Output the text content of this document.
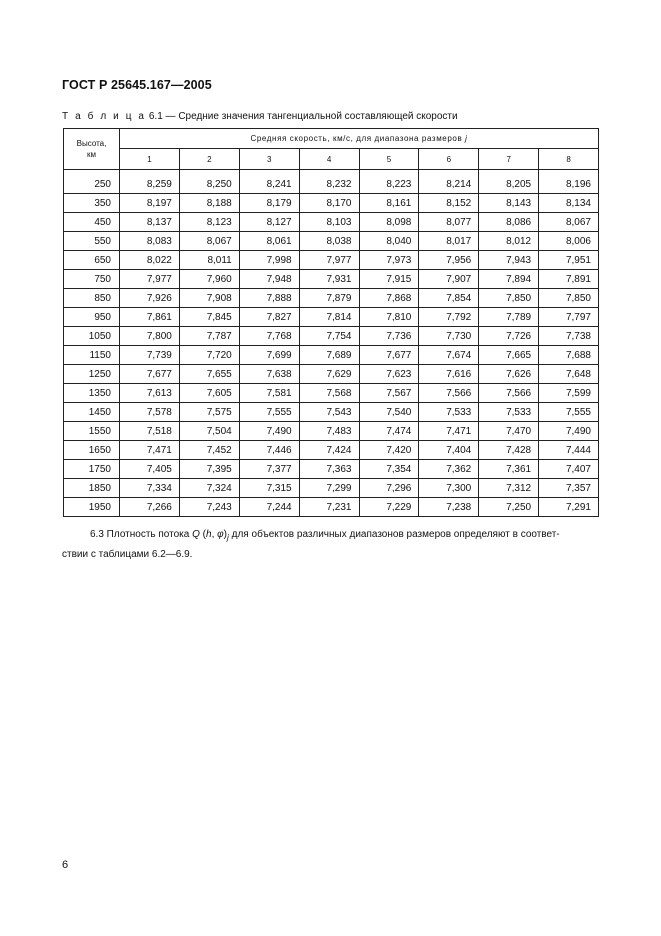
ГОСТ Р 25645.167—2005
Т а б л и ц а 6.1 — Средние значения тангенциальной составляющей скорости
Высота,
км	Средняя скорость, км/с, для диапазона размеров j							
	1	2	3	4	5	6	7	8

250	8,259	8,250	8,241	8,232	8,223	8,214	8,205	8,196
350	8,197	8,188	8,179	8,170	8,161	8,152	8,143	8,134
450	8,137	8,123	8,127	8,103	8,098	8,077	8,086	8,067
550	8,083	8,067	8,061	8,038	8,040	8,017	8,012	8,006
650	8,022	8,011	7,998	7,977	7,973	7,956	7,943	7,951
750	7,977	7,960	7,948	7,931	7,915	7,907	7,894	7,891
850	7,926	7,908	7,888	7,879	7,868	7,854	7,850	7,850
950	7,861	7,845	7,827	7,814	7,810	7,792	7,789	7,797
1050	7,800	7,787	7,768	7,754	7,736	7,730	7,726	7,738
1150	7,739	7,720	7,699	7,689	7,677	7,674	7,665	7,688
1250	7,677	7,655	7,638	7,629	7,623	7,616	7,626	7,648
1350	7,613	7,605	7,581	7,568	7,567	7,566	7,566	7,599
1450	7,578	7,575	7,555	7,543	7,540	7,533	7,533	7,555
1550	7,518	7,504	7,490	7,483	7,474	7,471	7,470	7,490
1650	7,471	7,452	7,446	7,424	7,420	7,404	7,428	7,444
1750	7,405	7,395	7,377	7,363	7,354	7,362	7,361	7,407
1850	7,334	7,324	7,315	7,299	7,296	7,300	7,312	7,357
1950	7,266	7,243	7,244	7,231	7,229	7,238	7,250	7,291
6.3 Плотность потока Q (h, $\varphi)_j$ для объектов различных диапазонов размеров определяют в соответ-
ствии с таблицами 6.2—6.9.
6
